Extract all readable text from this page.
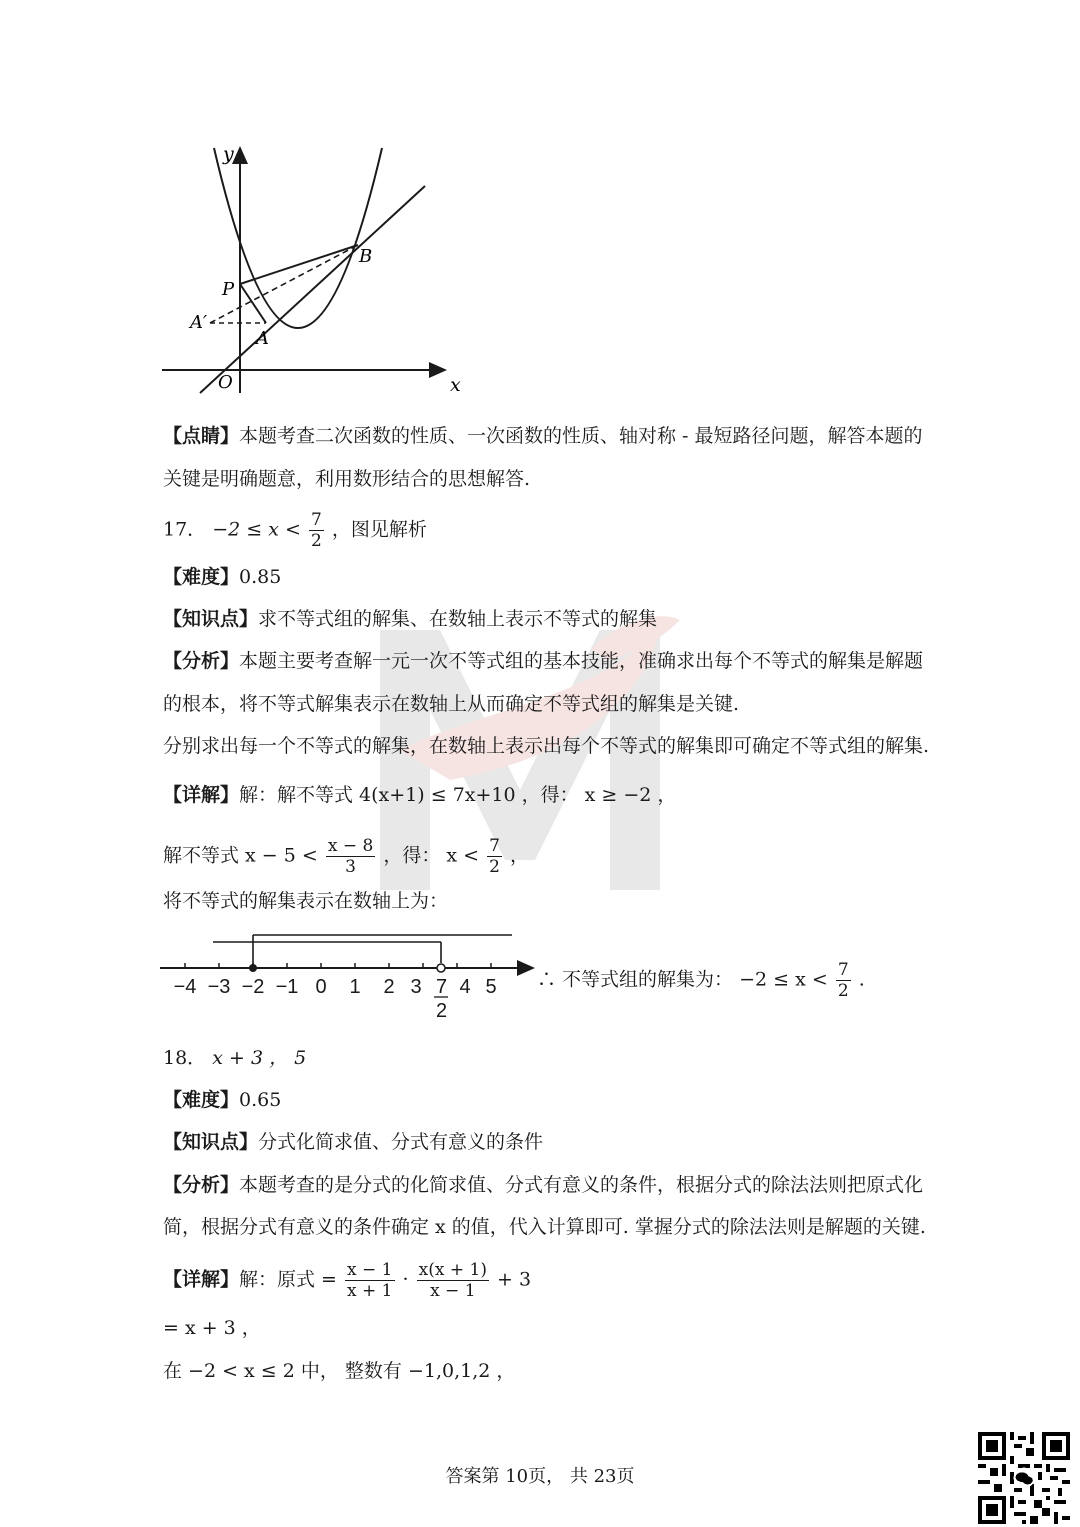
y
x
O
P
B
A
A′
【点睛】本题考查二次函数的性质、一次函数的性质、轴对称 - 最短路径问题，解答本题的
关键是明确题意，利用数形结合的思想解答.
17． $-2 \le x < \frac{7}{2}$ ，图见解析
【难度】0.85
【知识点】求不等式组的解集、在数轴上表示不等式的解集
【分析】本题主要考查解一元一次不等式组的基本技能，准确求出每个不等式的解集是解题
的根本，将不等式解集表示在数轴上从而确定不等式组的解集是关键.
分别求出每一个不等式的解集，在数轴上表示出每个不等式的解集即可确定不等式组的解集.
【详解】解：解不等式 4(x+1) ≤ 7x+10 ，得： x ≥ −2 ，
解不等式 $x - 5 < \frac{x - 8}{3}$ ，得： $x < \frac{7}{2}$ ，
将不等式的解集表示在数轴上为：
−4 −3 −2 −1 0 1 2 3 4 5
7
2
∴ 不等式组的解集为： $-2 \le x < \frac{7}{2}$ .
18． x + 3 ， 5
【难度】0.65
【知识点】分式化简求值、分式有意义的条件
【分析】本题考查的是分式的化简求值、分式有意义的条件，根据分式的除法法则把原式化
简，根据分式有意义的条件确定 x 的值，代入计算即可. 掌握分式的除法法则是解题的关键.
【详解】解：原式 = $\frac{x - 1}{x + 1} \cdot \frac{x(x + 1)}{x - 1} + 3$
= x + 3 ，
在 −2 < x ≤ 2 中， 整数有 −1,0,1,2 ，
答案第 10页， 共 23页
